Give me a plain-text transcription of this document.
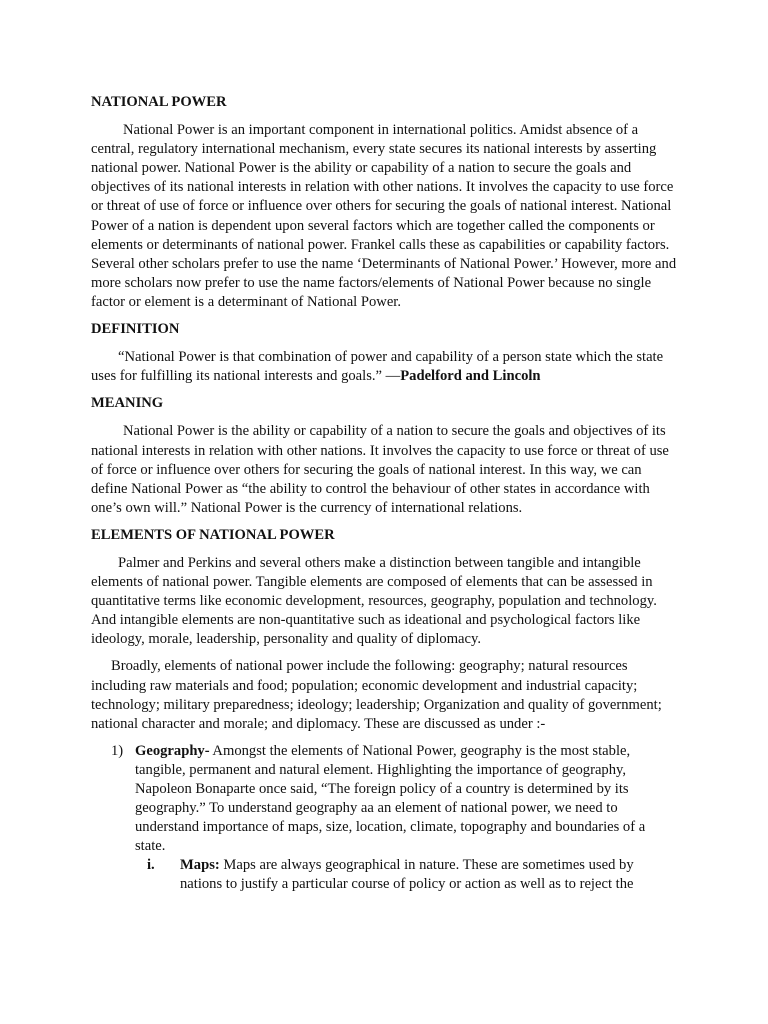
NATIONAL POWER

National Power is an important component in international politics. Amidst absence of a central, regulatory international mechanism, every state secures its national interests by asserting national power. National Power is the ability or capability of a nation to secure the goals and objectives of its national interests in relation with other nations. It involves the capacity to use force or threat of use of force or influence over others for securing the goals of national interest. National Power of a nation is dependent upon several factors which are together called the components or elements or determinants of national power. Frankel calls these as capabilities or capability factors. Several other scholars prefer to use the name ‘Determinants of National Power.’ However, more and more scholars now prefer to use the name factors/elements of National Power because no single factor or element is a determinant of National Power.

DEFINITION

“National Power is that combination of power and capability of a person state which the state uses for fulfilling its national interests and goals.” —Padelford and Lincoln

MEANING

National Power is the ability or capability of a nation to secure the goals and objectives of its national interests in relation with other nations. It involves the capacity to use force or threat of use of force or influence over others for securing the goals of national interest. In this way, we can define National Power as “the ability to control the behaviour of other states in accordance with one’s own will.” National Power is the currency of international relations.

ELEMENTS OF NATIONAL POWER

Palmer and Perkins and several others make a distinction between tangible and intangible elements of national power. Tangible elements are composed of elements that can be assessed in quantitative terms like economic development, resources, geography, population and technology. And intangible elements are non-quantitative such as ideational and psychological factors like ideology, morale, leadership, personality and quality of diplomacy.

Broadly, elements of national power include the following: geography; natural resources including raw materials and food; population; economic development and industrial capacity; technology; military preparedness; ideology; leadership; Organization and quality of government; national character and morale; and diplomacy. These are discussed as under :-

1) Geography- Amongst the elements of National Power, geography is the most stable, tangible, permanent and natural element. Highlighting the importance of geography, Napoleon Bonaparte once said, “The foreign policy of a country is determined by its geography.” To understand geography aa an element of national power, we need to understand importance of maps, size, location, climate, topography and boundaries of a state.
i. Maps: Maps are always geographical in nature. These are sometimes used by nations to justify a particular course of policy or action as well as to reject the
